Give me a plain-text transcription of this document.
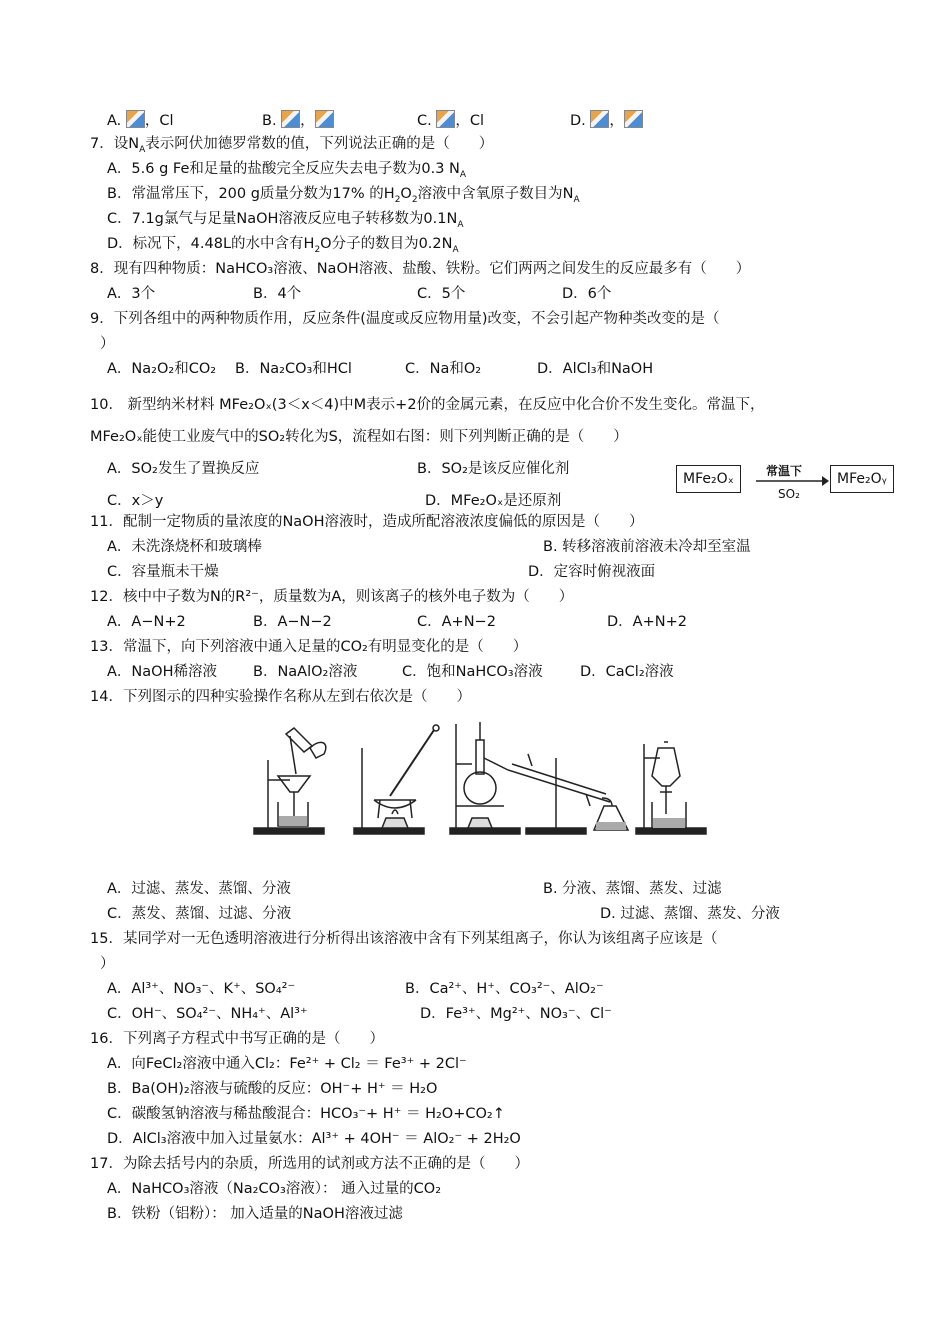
A. ，Cl	B. ，	C. ，Cl	D. ，
7．设$N_A$表示阿伏加德罗常数的值，下列说法正确的是（　　）
A．5.6 g Fe和足量的盐酸完全反应失去电子数为0.3 $N_A$
B．常温常压下，200 g质量分数为17% 的$H_2O_2$溶液中含氧原子数目为$N_A$
C．7.1g氯气与足量NaOH溶液反应电子转移数为$0.1N_A$
D．标况下，4.48L的水中含有$H_2O$分子的数目为$0.2N_A$
8．现有四种物质：NaHCO₃溶液、NaOH溶液、盐酸、铁粉。它们两两之间发生的反应最多有（　　）
A．3个	B．4个	C．5个	D．6个
9．下列各组中的两种物质作用，反应条件(温度或反应物用量)改变，不会引起产物种类改变的是（
）
A．Na₂O₂和CO₂ B．Na₂CO₃和HCl	C．Na和O₂	D．AlCl₃和NaOH
10． 新型纳米材料 MFe₂Oₓ(3＜x＜4)中M表示+2价的金属元素，在反应中化合价不发生变化。常温下，
MFe₂Oₓ能使工业废气中的SO₂转化为S，流程如右图：则下列判断正确的是（　　）
A．SO₂发生了置换反应	B．SO₂是该反应催化剂
C．x＞y	D．MFe₂Oₓ是还原剂
MFe₂Oₓ	常温下
SO₂
MFe₂Oᵧ
11．配制一定物质的量浓度的NaOH溶液时，造成所配溶液浓度偏低的原因是（　　）
A．未洗涤烧杯和玻璃棒	B. 转移溶液前溶液未冷却至室温
C．容量瓶未干燥	D．定容时俯视液面
12．核中中子数为N的R²⁻，质量数为A，则该离子的核外电子数为（　　）
A．A−N+2	B．A−N−2	C．A+N−2	D．A+N+2
13．常温下，向下列溶液中通入足量的CO₂有明显变化的是（　　）
A．NaOH稀溶液 B．NaAlO₂溶液	C．饱和NaHCO₃溶液	D．CaCl₂溶液
14．下列图示的四种实验操作名称从左到右依次是（　　）
A．过滤、蒸发、蒸馏、分液	B. 分液、蒸馏、蒸发、过滤
C．蒸发、蒸馏、过滤、分液	D. 过滤、蒸馏、蒸发、分液
15．某同学对一无色透明溶液进行分析得出该溶液中含有下列某组离子，你认为该组离子应该是（
）
A．Al³⁺、NO₃⁻、K⁺、SO₄²⁻	B．Ca²⁺、H⁺、CO₃²⁻、AlO₂⁻
C．OH⁻、SO₄²⁻、NH₄⁺、Al³⁺	D．Fe³⁺、Mg²⁺、NO₃⁻、Cl⁻
16．下列离子方程式中书写正确的是（　　）
A．向FeCl₂溶液中通入Cl₂：Fe²⁺ + Cl₂ ＝ Fe³⁺ + 2Cl⁻
B．Ba(OH)₂溶液与硫酸的反应：OH⁻+ H⁺ ＝ H₂O
C．碳酸氢钠溶液与稀盐酸混合：HCO₃⁻+ H⁺ ＝ H₂O+CO₂↑
D．AlCl₃溶液中加入过量氨水：Al³⁺ + 4OH⁻ ＝ AlO₂⁻ + 2H₂O
17．为除去括号内的杂质，所选用的试剂或方法不正确的是（　　）
A．NaHCO₃溶液（Na₂CO₃溶液）： 通入过量的CO₂
B．铁粉（铝粉）： 加入适量的NaOH溶液过滤
